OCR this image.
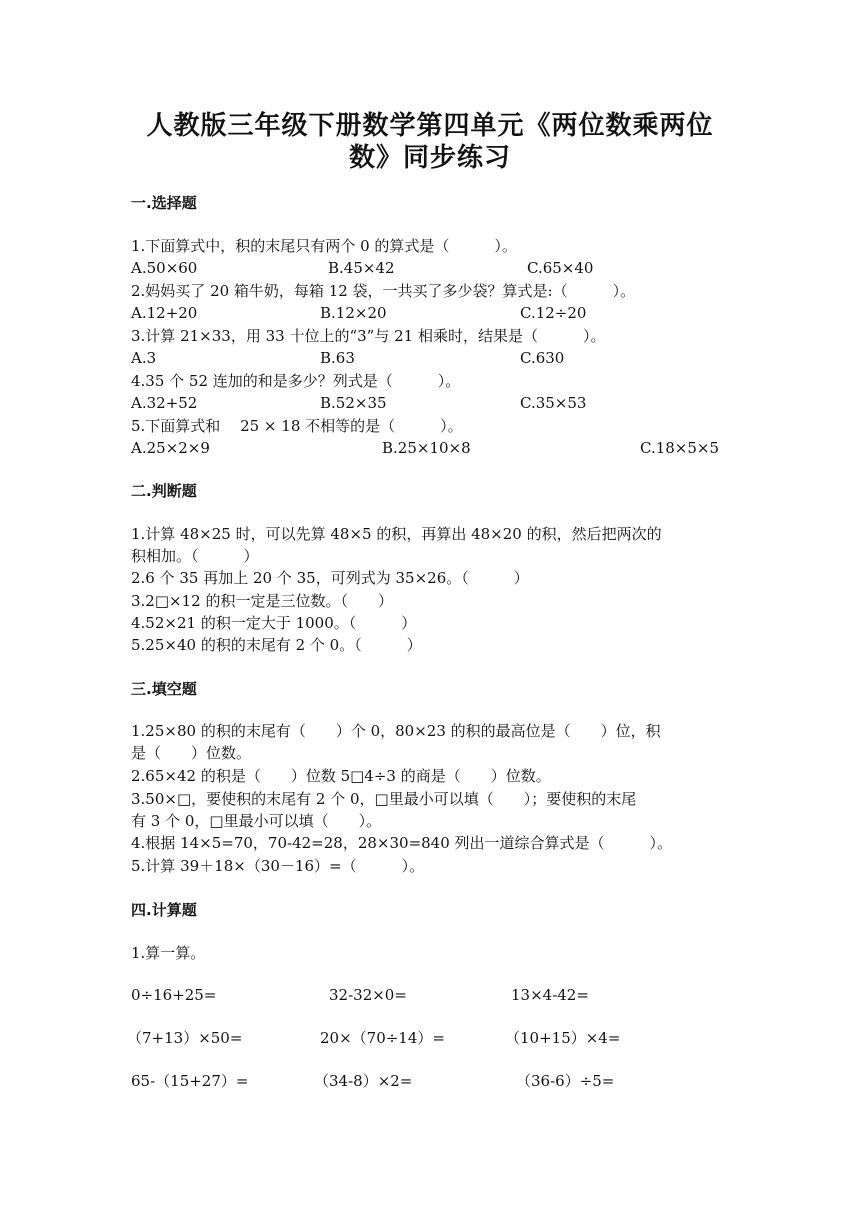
人教版三年级下册数学第四单元《两位数乘两位
数》同步练习
一.选择题
1.下面算式中，积的末尾只有两个 0 的算式是（　　　）。
A.50×60	B.45×42	C.65×40
2.妈妈买了 20 箱牛奶，每箱 12 袋，一共买了多少袋？算式是:（　　　）。
A.12+20	B.12×20	C.12÷20
3.计算 21×33，用 33 十位上的“3”与 21 相乘时，结果是（　　　）。
A.3	B.63	C.630
4.35 个 52 连加的和是多少？列式是（　　　）。
A.32+52	B.52×35	C.35×53
5.下面算式和　 25 × 18 不相等的是（　　　）。
A.25×2×9	B.25×10×8	C.18×5×5
二.判断题
1.计算 48×25 时，可以先算 48×5 的积，再算出 48×20 的积，然后把两次的
积相加。（　　　）
2.6 个 35 再加上 20 个 35，可列式为 35×26。（　　　）
3.2□×12 的积一定是三位数。（　　）
4.52×21 的积一定大于 1000。（　　　）
5.25×40 的积的末尾有 2 个 0。（　　　）
三.填空题
1.25×80 的积的末尾有（　　）个 0，80×23 的积的最高位是（　　）位，积
是（　　）位数。
2.65×42 的积是（　　）位数 5□4÷3 的商是（　　）位数。
3.50×□，要使积的末尾有 2 个 0，□里最小可以填（　　）；要使积的末尾
有 3 个 0，□里最小可以填（　　）。
4.根据 14×5=70，70-42=28，28×30=840 列出一道综合算式是（　　　）。
5.计算 39＋18×（30－16）=（　　　）。
四.计算题
1.算一算。
0÷16+25=	32-32×0=	13×4-42=
（7+13）×50=	20×（70÷14）=	（10+15）×4=
65-（15+27）=	（34-8）×2=	（36-6）÷5=
